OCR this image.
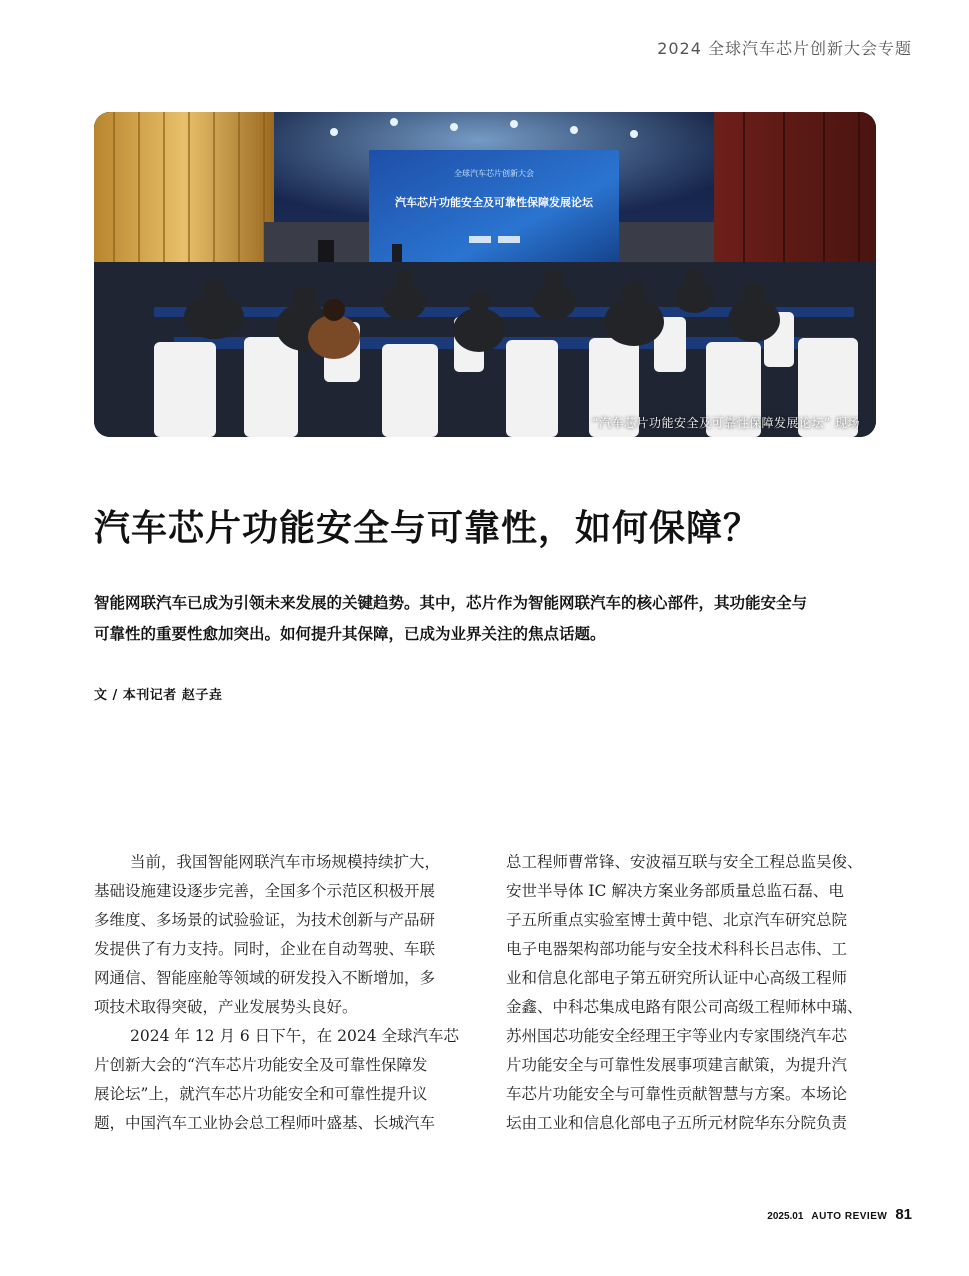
2024 全球汽车芯片创新大会专题
全球汽车芯片创新大会
汽车芯片功能安全及可靠性保障发展论坛
“汽车芯片功能安全及可靠性保障发展论坛” 现场
汽车芯片功能安全与可靠性，如何保障？
智能网联汽车已成为引领未来发展的关键趋势。其中，芯片作为智能网联汽车的核心部件，其功能安全与
可靠性的重要性愈加突出。如何提升其保障，已成为业界关注的焦点话题。
文 / 本刊记者 赵子垚
当前，我国智能网联汽车市场规模持续扩大，
基础设施建设逐步完善，全国多个示范区积极开展
多维度、多场景的试验验证，为技术创新与产品研
发提供了有力支持。同时，企业在自动驾驶、车联
网通信、智能座舱等领域的研发投入不断增加，多
项技术取得突破，产业发展势头良好。
2024 年 12 月 6 日下午，在 2024 全球汽车芯
片创新大会的“汽车芯片功能安全及可靠性保障发
展论坛”上，就汽车芯片功能安全和可靠性提升议
题，中国汽车工业协会总工程师叶盛基、长城汽车
总工程师曹常锋、安波福互联与安全工程总监吴俊、
安世半导体 IC 解决方案业务部质量总监石磊、电
子五所重点实验室博士黄中铠、北京汽车研究总院
电子电器架构部功能与安全技术科科长吕志伟、工
业和信息化部电子第五研究所认证中心高级工程师
金鑫、中科芯集成电路有限公司高级工程师林中璊、
苏州国芯功能安全经理王宇等业内专家围绕汽车芯
片功能安全与可靠性发展事项建言献策，为提升汽
车芯片功能安全与可靠性贡献智慧与方案。本场论
坛由工业和信息化部电子五所元材院华东分院负责
2025.01 AUTO REVIEW 81
